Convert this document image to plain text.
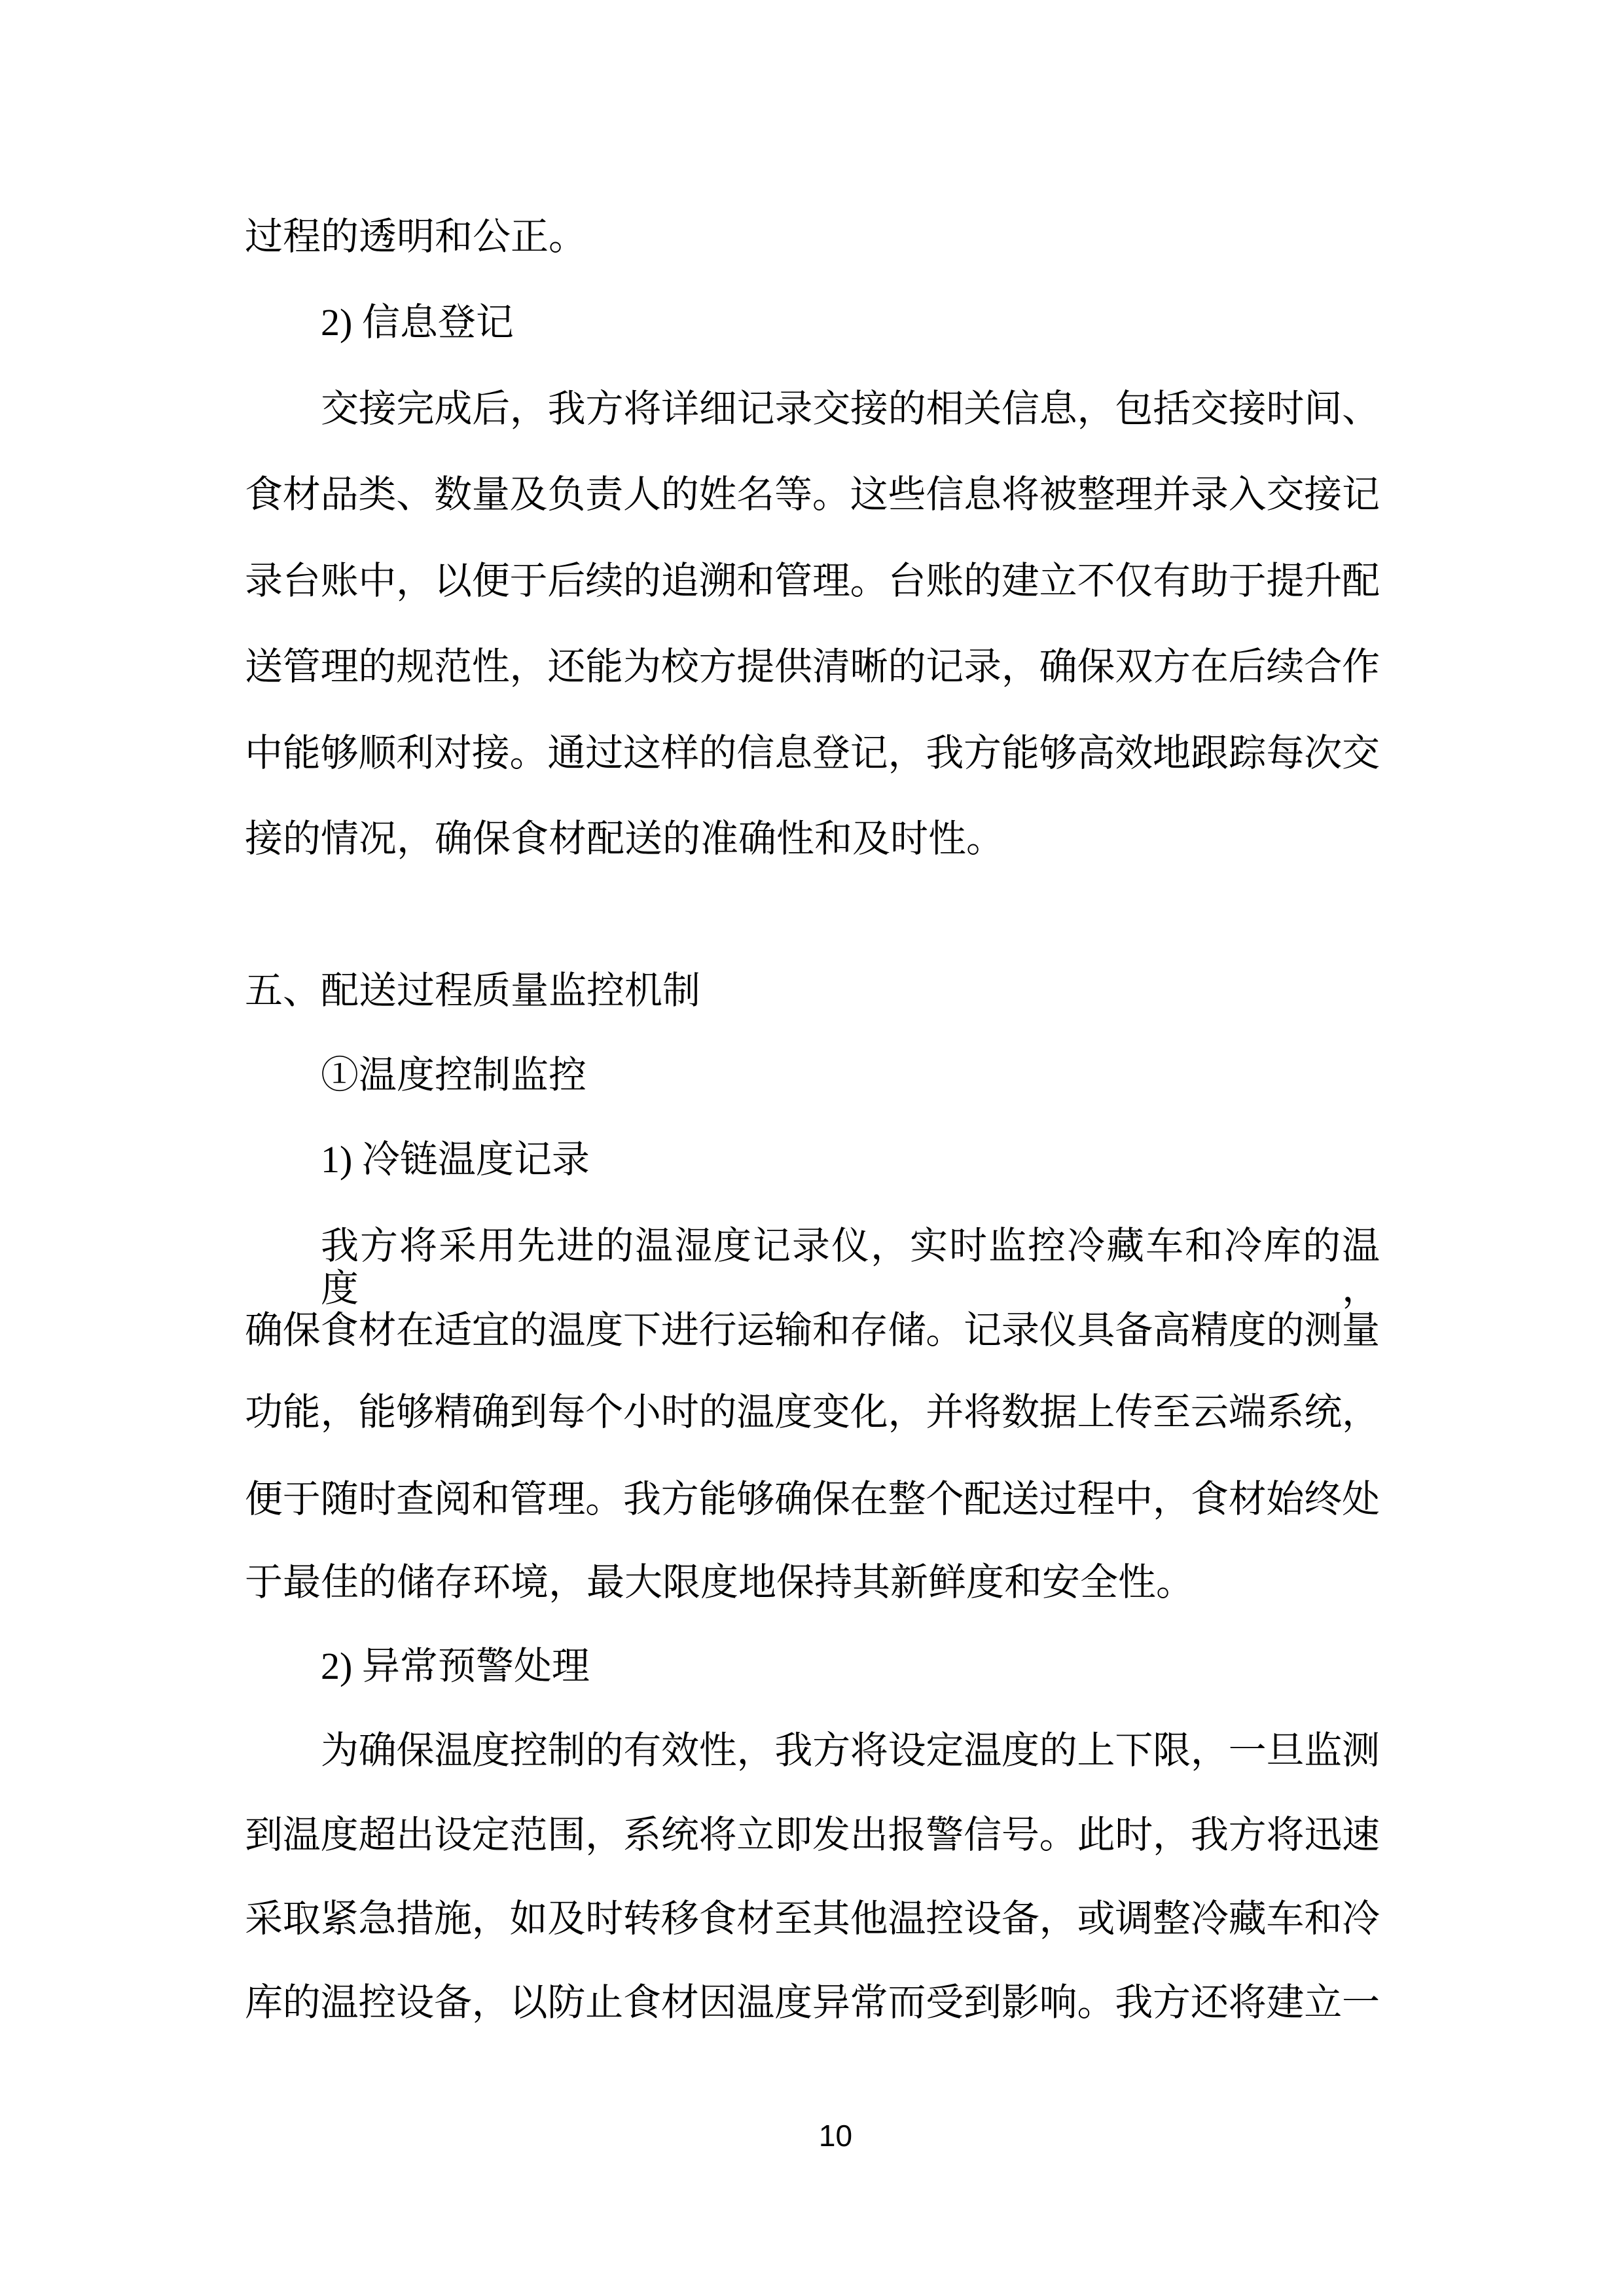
过程的透明和公正。
2) 信息登记
交接完成后，我方将详细记录交接的相关信息，包括交接时间、
食材品类、数量及负责人的姓名等。这些信息将被整理并录入交接记
录台账中，以便于后续的追溯和管理。台账的建立不仅有助于提升配
送管理的规范性，还能为校方提供清晰的记录，确保双方在后续合作
中能够顺利对接。通过这样的信息登记，我方能够高效地跟踪每次交
接的情况，确保食材配送的准确性和及时性。
五、配送过程质量监控机制
①温度控制监控
1) 冷链温度记录
我方将采用先进的温湿度记录仪，实时监控冷藏车和冷库的温度，
确保食材在适宜的温度下进行运输和存储。记录仪具备高精度的测量
功能，能够精确到每个小时的温度变化，并将数据上传至云端系统，
便于随时查阅和管理。我方能够确保在整个配送过程中，食材始终处
于最佳的储存环境，最大限度地保持其新鲜度和安全性。
2) 异常预警处理
为确保温度控制的有效性，我方将设定温度的上下限，一旦监测
到温度超出设定范围，系统将立即发出报警信号。此时，我方将迅速
采取紧急措施，如及时转移食材至其他温控设备，或调整冷藏车和冷
库的温控设备，以防止食材因温度异常而受到影响。我方还将建立一
10
